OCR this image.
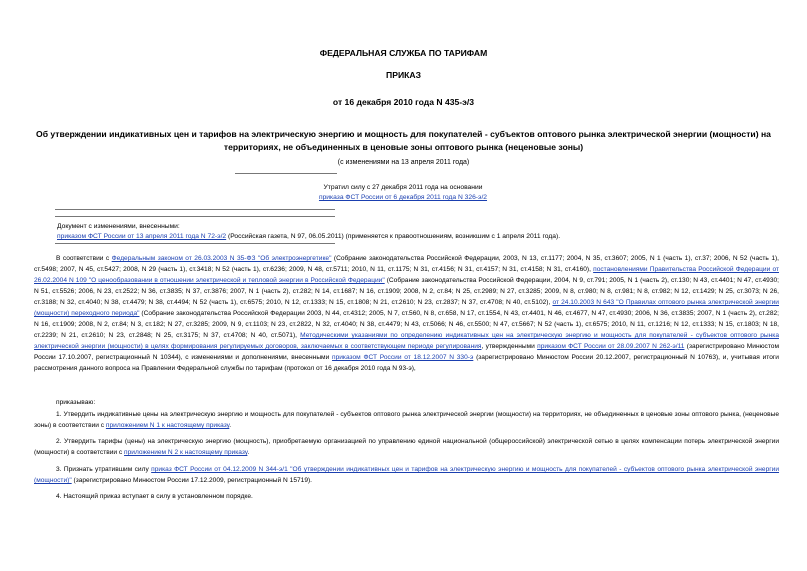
ФЕДЕРАЛЬНАЯ СЛУЖБА ПО ТАРИФАМ
ПРИКАЗ
от 16 декабря 2010 года N 435-э/3
Об утверждении индикативных цен и тарифов на электрическую энергию и мощность для покупателей - субъектов оптового рынка электрической энергии (мощности) на территориях, не объединенных в ценовые зоны оптового рынка (неценовые зоны)
(с изменениями на 13 апреля 2011 года)
Утратил силу с 27 декабря 2011 года на основании
приказа ФСТ России от 6 декабря 2011 года N 326-э/2
Документ с изменениями, внесенными:
приказом ФСТ России от 13 апреля 2011 года N 72-э/2 (Российская газета, N 97, 06.05.2011) (применяется к правоотношениям, возникшим с 1 апреля 2011 года).
В соответствии с Федеральным законом от 26.03.2003 N 35-ФЗ "Об электроэнергетике" (Собрание законодательства Российской Федерации, 2003, N 13, ст.1177; 2004, N 35, ст.3607; 2005, N 1 (часть 1), ст.37; 2006, N 52 (часть 1), ст.5498; 2007, N 45, ст.5427; 2008, N 29 (часть 1), ст.3418; N 52 (часть 1), ст.6236; 2009, N 48, ст.5711; 2010, N 11, ст.1175; N 31, ст.4156; N 31, ст.4157; N 31, ст.4158; N 31, ст.4160), постановлениями Правительства Российской Федерации от 26.02.2004 N 109 "О ценообразовании в отношении электрической и тепловой энергии в Российской Федерации" (Собрание законодательства Российской Федерации, 2004, N 9, ст.791; 2005, N 1 (часть 2), ст.130; N 43, ст.4401; N 47, ст.4930; N 51, ст.5526; 2006, N 23, ст.2522; N 36, ст.3835; N 37, ст.3876; 2007, N 1 (часть 2), ст.282; N 14, ст.1687; N 16, ст.1909; 2008, N 2, ст.84; N 25, ст.2989; N 27, ст.3285; 2009, N 8, ст.980; N 8, ст.981; N 8, ст.982; N 12, ст.1429; N 25, ст.3073; N 26, ст.3188; N 32, ст.4040; N 38, ст.4479; N 38, ст.4494; N 52 (часть 1), ст.6575; 2010, N 12, ст.1333; N 15, ст.1808; N 21, ст.2610; N 23, ст.2837; N 37, ст.4708; N 40, ст.5102), от 24.10.2003 N 643 "О Правилах оптового рынка электрической энергии (мощности) переходного периода" (Собрание законодательства Российской Федерации 2003, N 44, ст.4312; 2005, N 7, ст.560, N 8, ст.658, N 17, ст.1554, N 43, ст.4401, N 46, ст.4677, N 47, ст.4930; 2006, N 36, ст.3835; 2007, N 1 (часть 2), ст.282; N 16, ст.1909; 2008, N 2, ст.84; N 3, ст.182; N 27, ст.3285; 2009, N 9, ст.1103; N 23, ст.2822, N 32, ст.4040; N 38, ст.4479; N 43, ст.5066; N 46, ст.5500; N 47, ст.5667; N 52 (часть 1), ст.6575; 2010, N 11, ст.1216; N 12, ст.1333; N 15, ст.1803; N 18, ст.2239; N 21, ст.2610; N 23, ст.2848; N 25, ст.3175; N 37, ст.4708; N 40, ст.5071), Методическими указаниями по определению индикативных цен на электрическую энергию и мощность для покупателей - субъектов оптового рынка электрической энергии (мощности) в целях формирования регулируемых договоров, заключаемых в соответствующем периоде регулирования, утвержденными приказом ФСТ России от 28.09.2007 N 262-э/11 (зарегистрировано Минюстом России 17.10.2007, регистрационный N 10344), с изменениями и дополнениями, внесенными приказом ФСТ России от 18.12.2007 N 330-э (зарегистрировано Минюстом России 20.12.2007, регистрационный N 10763), и, учитывая итоги рассмотрения данного вопроса на Правлении Федеральной службы по тарифам (протокол от 16 декабря 2010 года N 93-э),
приказываю:
1. Утвердить индикативные цены на электрическую энергию и мощность для покупателей - субъектов оптового рынка электрической энергии (мощности) на территориях, не объединенных в ценовые зоны оптового рынка, (неценовые зоны) в соответствии с приложением N 1 к настоящему приказу.
2. Утвердить тарифы (цены) на электрическую энергию (мощность), приобретаемую организацией по управлению единой национальной (общероссийской) электрической сетью в целях компенсации потерь электрической энергии (мощности) в соответствии с приложением N 2 к настоящему приказу.
3. Признать утратившим силу приказ ФСТ России от 04.12.2009 N 344-э/1 "Об утверждении индикативных цен и тарифов на электрическую энергию и мощность для покупателей - субъектов оптового рынка электрической энергии (мощности)" (зарегистрировано Минюстом России 17.12.2009, регистрационный N 15719).
4. Настоящий приказ вступает в силу в установленном порядке.
